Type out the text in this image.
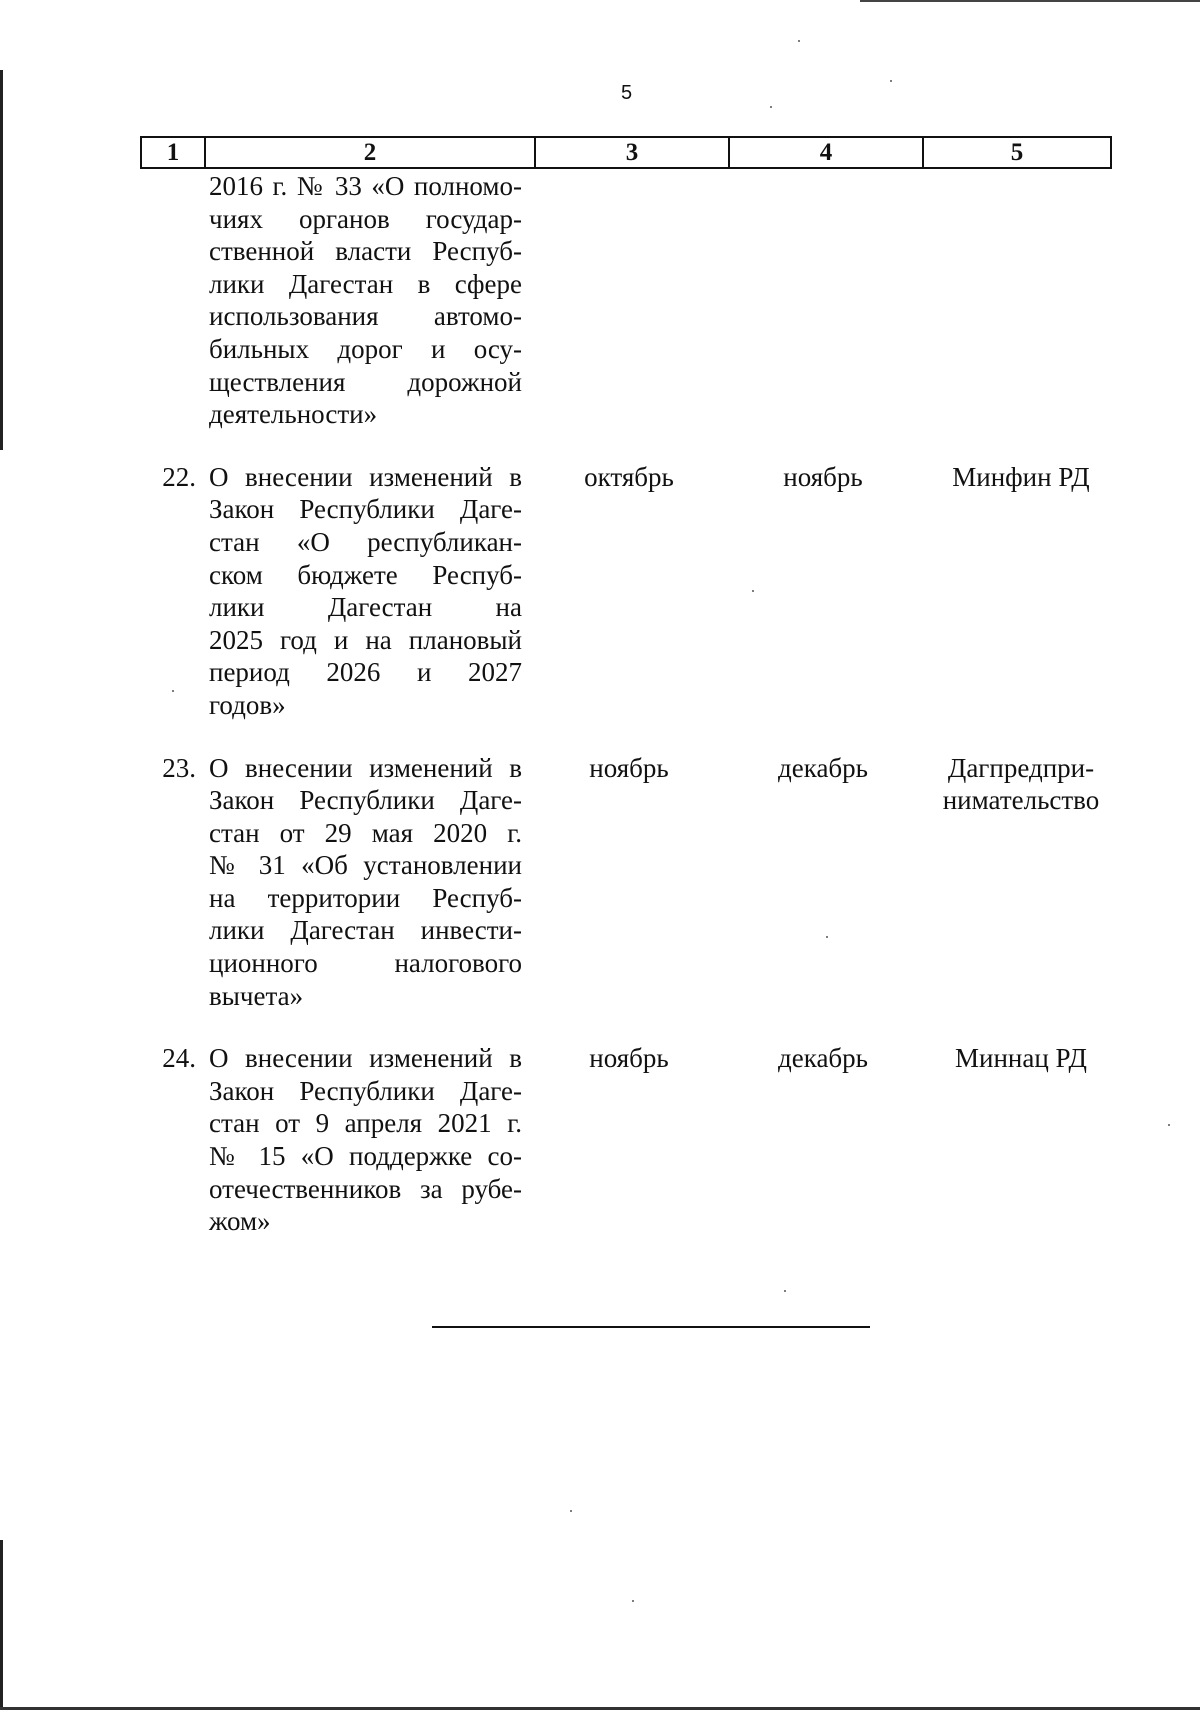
5
1	2	3	4	5
2016 г. № 33 «О полномо-
чиях органов государ-
ственной власти Респуб-
лики Дагестан в сфере
использования автомо-
бильных дорог и осу-
ществления дорожной
деятельности»
22. О внесении изменений в
Закон Республики Даге-
стан «О республикан-
ском бюджете Респуб-
лики Дагестан на
2025 год и на плановый
период 2026 и 2027
годов»
октябрь	ноябрь	Минфин РД
23. О внесении изменений в
Закон Республики Даге-
стан от 29 мая 2020 г.
№ 31 «Об установлении
на территории Респуб-
лики Дагестан инвести-
ционного налогового
вычета»
ноябрь	декабрь	Дагпредпри-
нимательство
24. О внесении изменений в
Закон Республики Даге-
стан от 9 апреля 2021 г.
№ 15 «О поддержке со-
отечественников за рубе-
жом»
ноябрь	декабрь	Миннац РД
